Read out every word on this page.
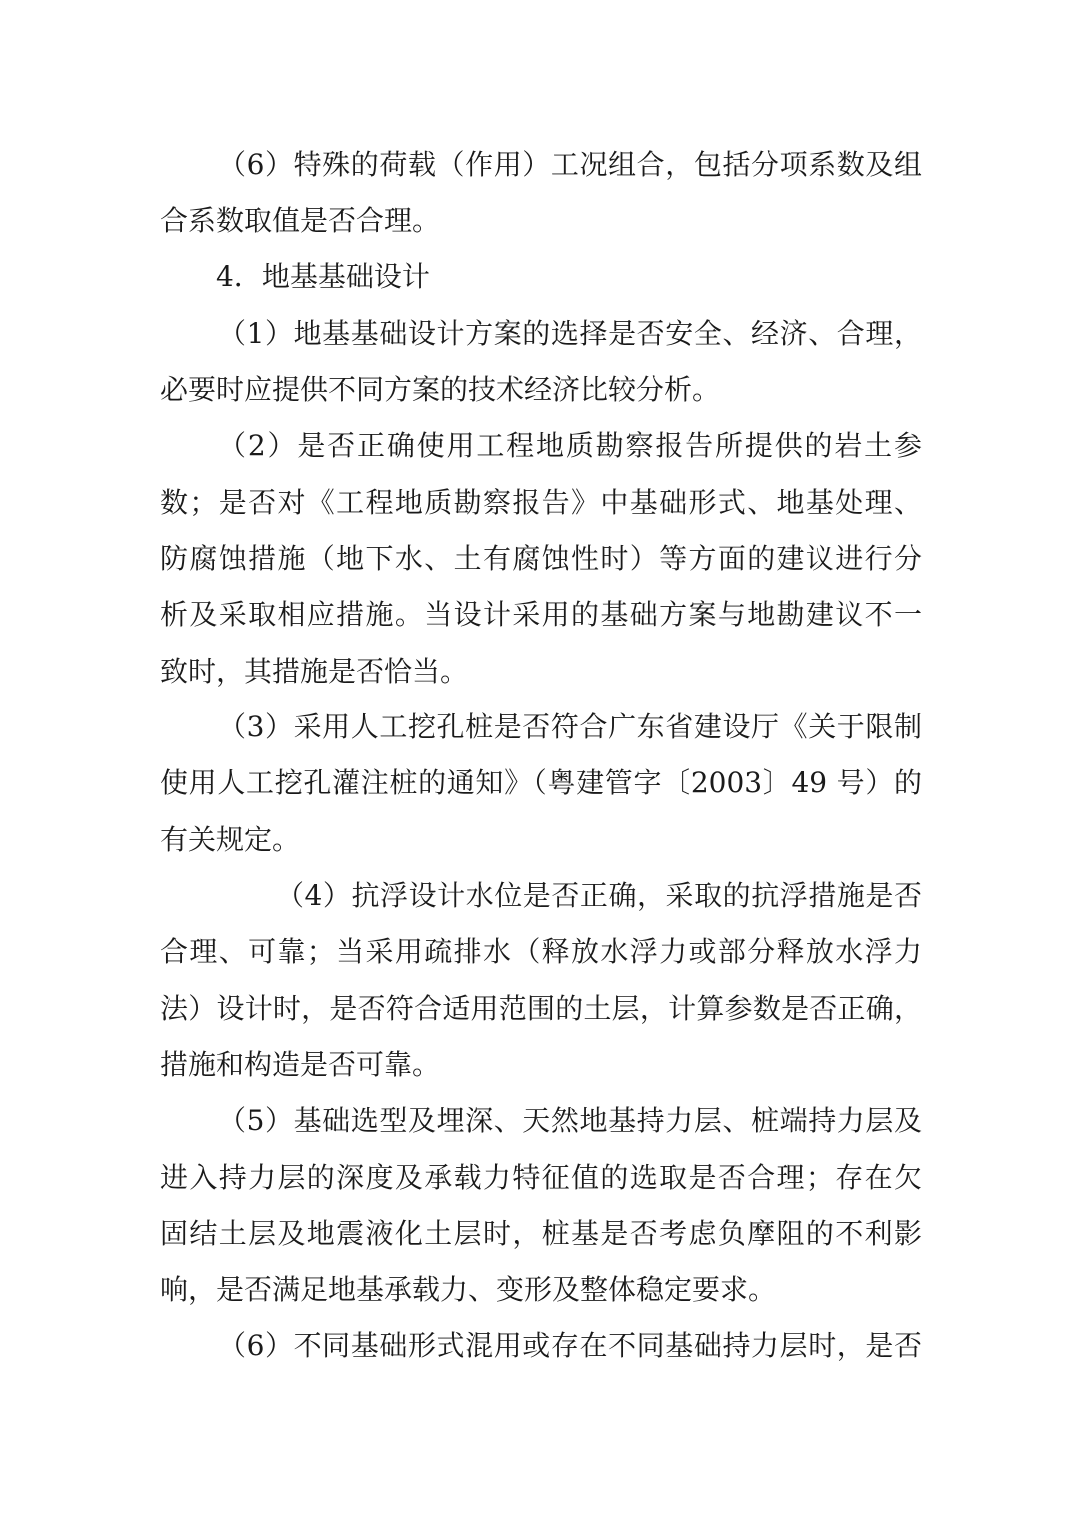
（6）特殊的荷载（作用）工况组合，包括分项系数及组
合系数取值是否合理。
4．地基基础设计
（1）地基基础设计方案的选择是否安全、经济、合理，
必要时应提供不同方案的技术经济比较分析。
（2）是否正确使用工程地质勘察报告所提供的岩土参
数；是否对《工程地质勘察报告》中基础形式、地基处理、
防腐蚀措施（地下水、土有腐蚀性时）等方面的建议进行分
析及采取相应措施。当设计采用的基础方案与地勘建议不一
致时，其措施是否恰当。
（3）采用人工挖孔桩是否符合广东省建设厅《关于限制
使用人工挖孔灌注桩的通知》（粤建管字〔2003〕49 号）的
有关规定。
（4）抗浮设计水位是否正确，采取的抗浮措施是否
合理、可靠；当采用疏排水（释放水浮力或部分释放水浮力
法）设计时，是否符合适用范围的土层，计算参数是否正确，
措施和构造是否可靠。
（5）基础选型及埋深、天然地基持力层、桩端持力层及
进入持力层的深度及承载力特征值的选取是否合理；存在欠
固结土层及地震液化土层时，桩基是否考虑负摩阻的不利影
响，是否满足地基承载力、变形及整体稳定要求。
（6）不同基础形式混用或存在不同基础持力层时，是否
